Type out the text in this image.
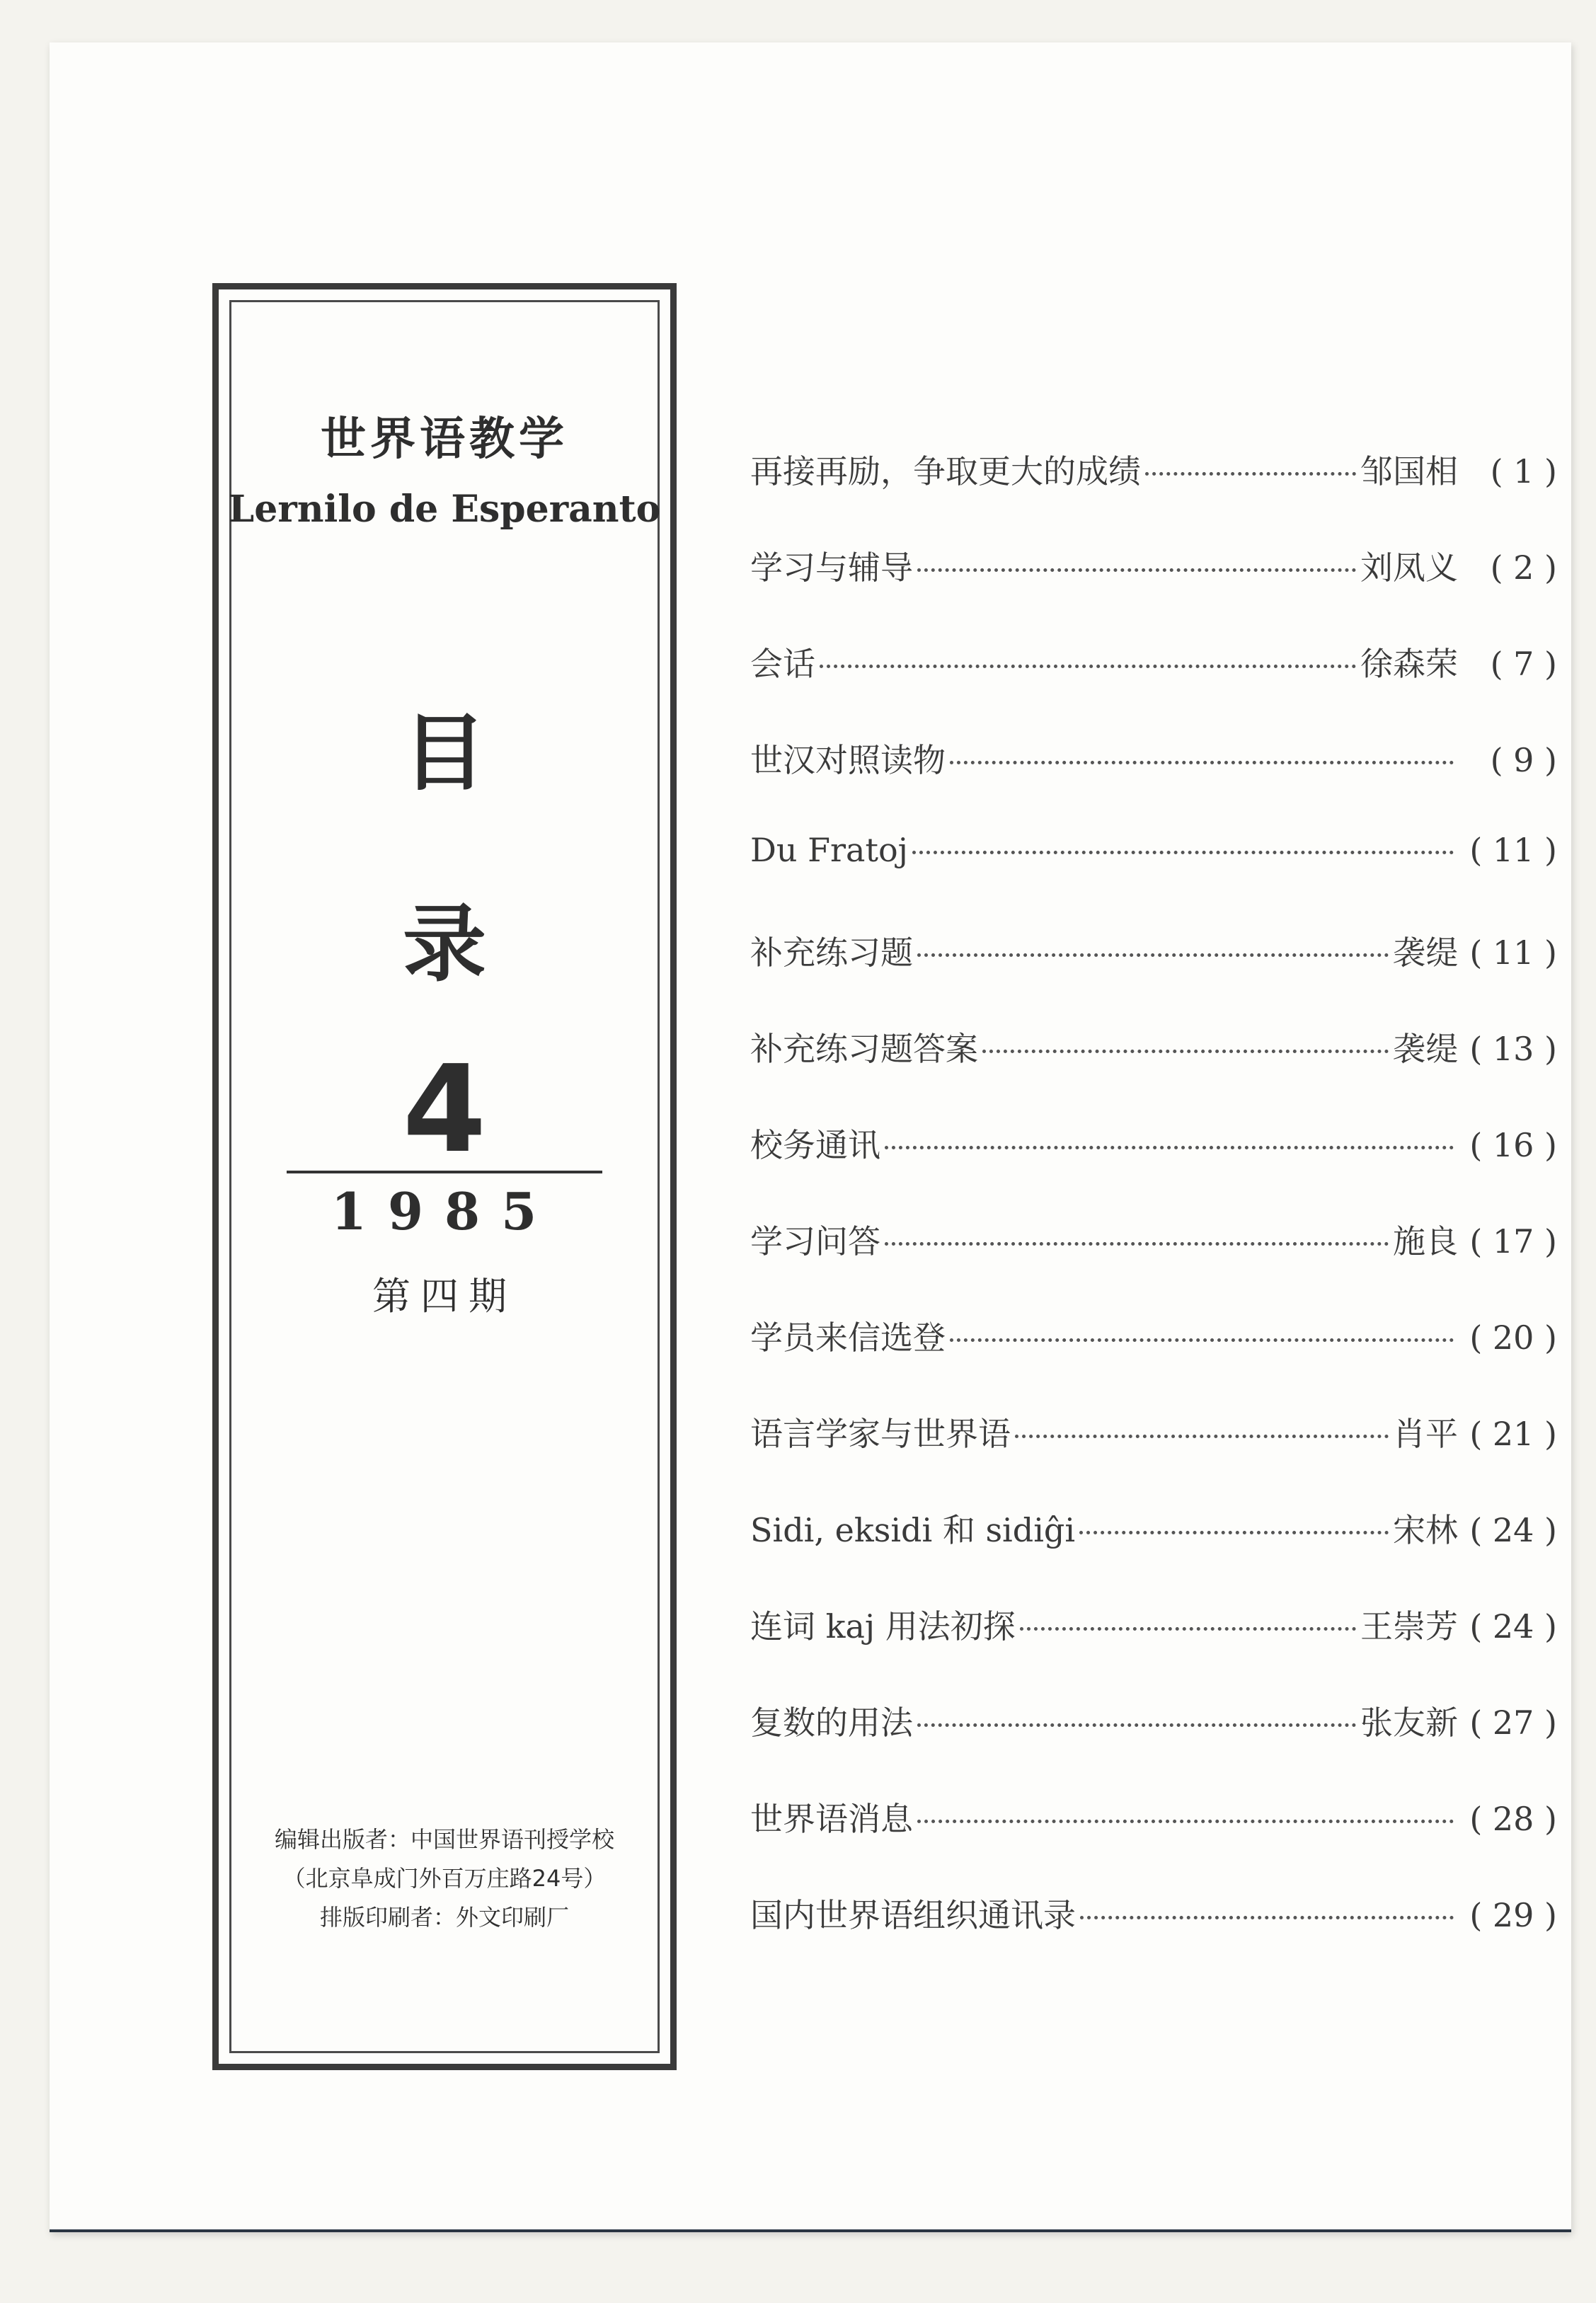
世界语教学
Lernilo de Esperanto
目
录
4
1985
第四期
编辑出版者：中国世界语刊授学校
（北京阜成门外百万庄路24号）
排版印刷者：外文印刷厂
再接再励，争取更大的成绩	邹国相 ( 1 )
学习与辅导	刘凤义 ( 2 )
会话	徐森荣 ( 7 )
世汉对照读物	( 9 )
Du Fratoj	( 11 )
补充练习题	袭缇 ( 11 )
补充练习题答案	袭缇 ( 13 )
校务通讯	( 16 )
学习问答	施良 ( 17 )
学员来信选登	( 20 )
语言学家与世界语	肖平 ( 21 )
Sidi, eksidi 和 sidiĝi	宋林 ( 24 )
连词 kaj 用法初探	王崇芳 ( 24 )
复数的用法	张友新 ( 27 )
世界语消息	( 28 )
国内世界语组织通讯录	( 29 )
